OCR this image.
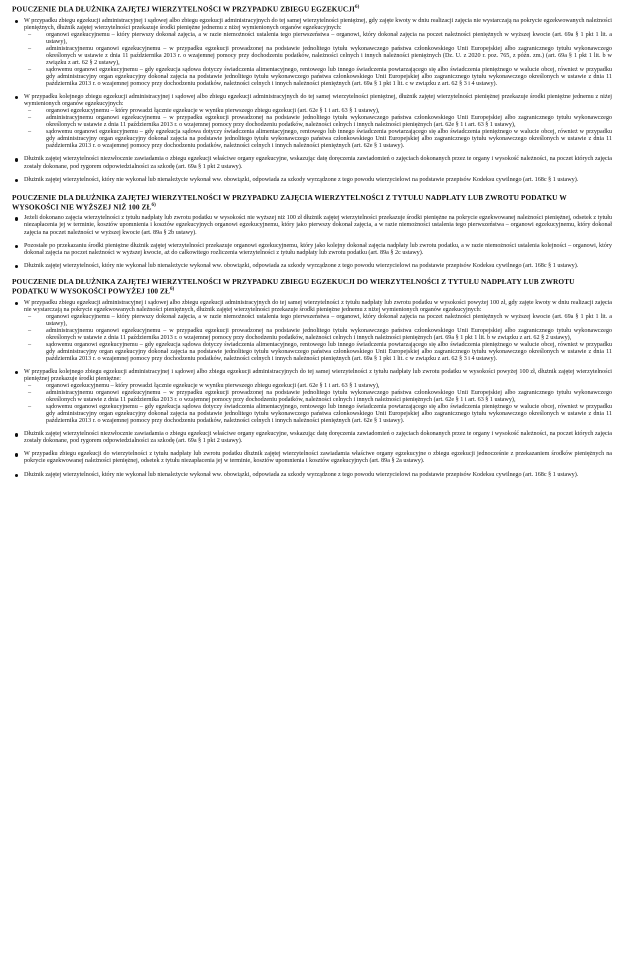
POUCZENIE DLA DŁUŻNIKA ZAJĘTEJ WIERZYTELNOŚCI W PRZYPADKU ZBIEGU EGZEKUCJI$^{6)}$

W przypadku zbiegu egzekucji administracyjnej i sądowej albo zbiegu egzekucji administracyjnych do tej samej wierzytelności pieniężnej, gdy zajęte kwoty w dniu realizacji zajęcia nie wystarczają na pokrycie egzekwowanych należności pieniężnych, dłużnik zajętej wierzytelności przekazuje środki pieniężne jednemu z niżej wymienionych organów egzekucyjnych:

– organowi egzekucyjnemu – który pierwszy dokonał zajęcia, a w razie niemożności ustalenia tego pierwszeństwa – organowi, który dokonał zajęcia na poczet należności pieniężnych w wyższej kwocie (art. 69a § 1 pkt 1 lit. a ustawy),
– administracyjnemu organowi egzekucyjnemu – w przypadku egzekucji prowadzonej na podstawie jednolitego tytułu wykonawczego państwa członkowskiego Unii Europejskiej albo zagranicznego tytułu wykonawczego określonych w ustawie z dnia 11 października 2013 r. o wzajemnej pomocy przy dochodzeniu podatków, należności celnych i innych należności pieniężnych (Dz. U. z 2020 r. poz. 765, z późn. zm.) (art. 69a § 1 pkt 1 lit. b w związku z art. 62 § 2 ustawy),
– sądowemu organowi egzekucyjnemu – gdy egzekucja sądowa dotyczy świadczenia alimentacyjnego, rentowego lub innego świadczenia powtarzającego się albo świadczenia pieniężnego w walucie obcej, również w przypadku gdy administracyjny organ egzekucyjny dokonał zajęcia na podstawie jednolitego tytułu wykonawczego państwa członkowskiego Unii Europejskiej albo zagranicznego tytułu wykonawczego określonych w ustawie z dnia 11 października 2013 r. o wzajemnej pomocy przy dochodzeniu podatków, należności celnych i innych należności pieniężnych (art. 69a § 1 pkt 1 lit. c w związku z art. 62 § 3 i 4 ustawy).

W przypadku kolejnego zbiegu egzekucji administracyjnej i sądowej albo zbiegu egzekucji administracyjnych do tej samej wierzytelności pieniężnej, dłużnik zajętej wierzytelności pieniężnej przekazuje środki pieniężne jednemu z niżej wymienionych organów egzekucyjnych:

– organowi egzekucyjnemu – który prowadzi łącznie egzekucje w wyniku pierwszego zbiegu egzekucji (art. 62e § 1 i art. 63 § 1 ustawy),
– administracyjnemu organowi egzekucyjnemu – w przypadku egzekucji prowadzonej na podstawie jednolitego tytułu wykonawczego państwa członkowskiego Unii Europejskiej albo zagranicznego tytułu wykonawczego określonych w ustawie z dnia 11 października 2013 r. o wzajemnej pomocy przy dochodzeniu podatków, należności celnych i innych należności pieniężnych (art. 62e § 1 i art. 63 § 1 ustawy),
– sądowemu organowi egzekucyjnemu – gdy egzekucja sądowa dotyczy świadczenia alimentacyjnego, rentowego lub innego świadczenia powtarzającego się albo świadczenia pieniężnego w walucie obcej, również w przypadku gdy administracyjny organ egzekucyjny dokonał zajęcia na podstawie jednolitego tytułu wykonawczego państwa członkowskiego Unii Europejskiej albo zagranicznego tytułu wykonawczego określonych w ustawie z dnia 11 października 2013 r. o wzajemnej pomocy przy dochodzeniu podatków, należności celnych i innych należności pieniężnych (art. 62e § 1 ustawy).

Dłużnik zajętej wierzytelności niezwłocznie zawiadamia o zbiegu egzekucji właściwe organy egzekucyjne, wskazując datę doręczenia zawiadomień o zajęciach dokonanych przez te organy i wysokość należności, na poczet których zajęcia zostały dokonane, pod rygorem odpowiedzialności za szkodę (art. 69a § 1 pkt 2 ustawy).

Dłużnik zajętej wierzytelności, który nie wykonał lub nienależycie wykonał ww. obowiązki, odpowiada za szkody wyrządzone z tego powodu wierzycielowi na podstawie przepisów Kodeksu cywilnego (art. 168c § 1 ustawy).

POUCZENIE DLA DŁUŻNIKA ZAJĘTEJ WIERZYTELNOŚCI W PRZYPADKU ZAJĘCIA WIERZYTELNOŚCI Z TYTUŁU NADPŁATY LUB ZWROTU PODATKU W WYSOKOŚCI NIE WYŻSZEJ NIŻ 100 ZŁ$^{6)}$

Jeżeli dokonano zajęcia wierzytelności z tytułu nadpłaty lub zwrotu podatku w wysokości nie wyższej niż 100 zł dłużnik zajętej wierzytelności przekazuje środki pieniężne na pokrycie egzekwowanej należności pieniężnej, odsetek z tytułu niezapłacenia jej w terminie, kosztów upomnienia i kosztów egzekucyjnych organowi egzekucyjnemu, który jako pierwszy dokonał zajęcia, a w razie niemożności ustalenia tego pierwszeństwa – organowi egzekucyjnemu, który dokonał zajęcia na poczet należności w wyższej kwocie (art. 89a § 2b ustawy).

Pozostałe po przekazaniu środki pieniężne dłużnik zajętej wierzytelności przekazuje organowi egzekucyjnemu, który jako kolejny dokonał zajęcia nadpłaty lub zwrotu podatku, a w razie niemożności ustalenia kolejności – organowi, który dokonał zajęcia na poczet należności w wyższej kwocie, aż do całkowitego rozliczenia wierzytelności z tytułu nadpłaty lub zwrotu podatku (art. 89a § 2c ustawy).

Dłużnik zajętej wierzytelności, który nie wykonał lub nienależycie wykonał ww. obowiązki, odpowiada za szkody wyrządzone z tego powodu wierzycielowi na podstawie przepisów Kodeksu cywilnego (art. 168c § 1 ustawy).

POUCZENIE DLA DŁUŻNIKA ZAJĘTEJ WIERZYTELNOŚCI W PRZYPADKU ZBIEGU EGZEKUCJI DO WIERZYTELNOŚCI Z TYTUŁU NADPŁATY LUB ZWROTU PODATKU W WYSOKOŚCI POWYŻEJ 100 ZŁ$^{6)}$

W przypadku zbiegu egzekucji administracyjnej i sądowej albo zbiegu egzekucji administracyjnych do tej samej wierzytelności z tytułu nadpłaty lub zwrotu podatku w wysokości powyżej 100 zł, gdy zajęte kwoty w dniu realizacji zajęcia nie wystarczają na pokrycie egzekwowanych należności pieniężnych, dłużnik zajętej wierzytelności przekazuje środki pieniężne jednemu z niżej wymienionych organów egzekucyjnych:

– organowi egzekucyjnemu – który pierwszy dokonał zajęcia, a w razie niemożności ustalenia tego pierwszeństwa – organowi, który dokonał zajęcia na poczet należności pieniężnych w wyższej kwocie (art. 69a § 1 pkt 1 lit. a ustawy),
– administracyjnemu organowi egzekucyjnemu – w przypadku egzekucji prowadzonej na podstawie jednolitego tytułu wykonawczego państwa członkowskiego Unii Europejskiej albo zagranicznego tytułu wykonawczego określonych w ustawie z dnia 11 października 2013 r. o wzajemnej pomocy przy dochodzeniu podatków, należności celnych i innych należności pieniężnych (art. 69a § 1 pkt 1 lit. b w związku z art. 62 § 2 ustawy),
– sądowemu organowi egzekucyjnemu – gdy egzekucja sądowa dotyczy świadczenia alimentacyjnego, rentowego lub innego świadczenia powtarzającego się albo świadczenia pieniężnego w walucie obcej, również w przypadku gdy administracyjny organ egzekucyjny dokonał zajęcia na podstawie jednolitego tytułu wykonawczego państwa członkowskiego Unii Europejskiej albo zagranicznego tytułu wykonawczego określonych w ustawie z dnia 11 października 2013 r. o wzajemnej pomocy przy dochodzeniu podatków, należności celnych i innych należności pieniężnych (art. 69a § 1 pkt 1 lit. c w związku z art. 62 § 3 i 4 ustawy).

W przypadku kolejnego zbiegu egzekucji administracyjnej i sądowej albo zbiegu egzekucji administracyjnych do tej samej wierzytelności z tytułu nadpłaty lub zwrotu podatku w wysokości powyżej 100 zł, dłużnik zajętej wierzytelności pieniężnej przekazuje środki pieniężne:

– organowi egzekucyjnemu – który prowadzi łącznie egzekucje w wyniku pierwszego zbiegu egzekucji (art. 62e § 1 i art. 63 § 1 ustawy),
– administracyjnemu organowi egzekucyjnemu – w przypadku egzekucji prowadzonej na podstawie jednolitego tytułu wykonawczego państwa członkowskiego Unii Europejskiej albo zagranicznego tytułu wykonawczego określonych w ustawie z dnia 11 października 2013 r. o wzajemnej pomocy przy dochodzeniu podatków, należności celnych i innych należności pieniężnych (art. 62e § 1 i art. 63 § 1 ustawy),
– sądowemu organowi egzekucyjnemu – gdy egzekucja sądowa dotyczy świadczenia alimentacyjnego, rentowego lub innego świadczenia powtarzającego się albo świadczenia pieniężnego w walucie obcej, również w przypadku gdy administracyjny organ egzekucyjny dokonał zajęcia na podstawie jednolitego tytułu wykonawczego państwa członkowskiego Unii Europejskiej albo zagranicznego tytułu wykonawczego określonych w ustawie z dnia 11 października 2013 r. o wzajemnej pomocy przy dochodzeniu podatków, należności celnych i innych należności pieniężnych (art. 62e § 1 ustawy).

Dłużnik zajętej wierzytelności niezwłocznie zawiadamia o zbiegu egzekucji właściwe organy egzekucyjne, wskazując datę doręczenia zawiadomień o zajęciach dokonanych przez te organy i wysokość należności, na poczet których zajęcia zostały dokonane, pod rygorem odpowiedzialności za szkodę (art. 69a § 1 pkt 2 ustawy).

W przypadku zbiegu egzekucji do wierzytelności z tytułu nadpłaty lub zwrotu podatku dłużnik zajętej wierzytelności zawiadamia właściwe organy egzekucyjne o zbiegu egzekucji jednocześnie z przekazaniem środków pieniężnych na pokrycie egzekwowanej należności pieniężnej, odsetek z tytułu niezapłacenia jej w terminie, kosztów upomnienia i kosztów egzekucyjnych (art. 89a § 2a ustawy).

Dłużnik zajętej wierzytelności, który nie wykonał lub nienależycie wykonał ww. obowiązki, odpowiada za szkody wyrządzone z tego powodu wierzycielowi na podstawie przepisów Kodeksu cywilnego (art. 168c § 1 ustawy).
